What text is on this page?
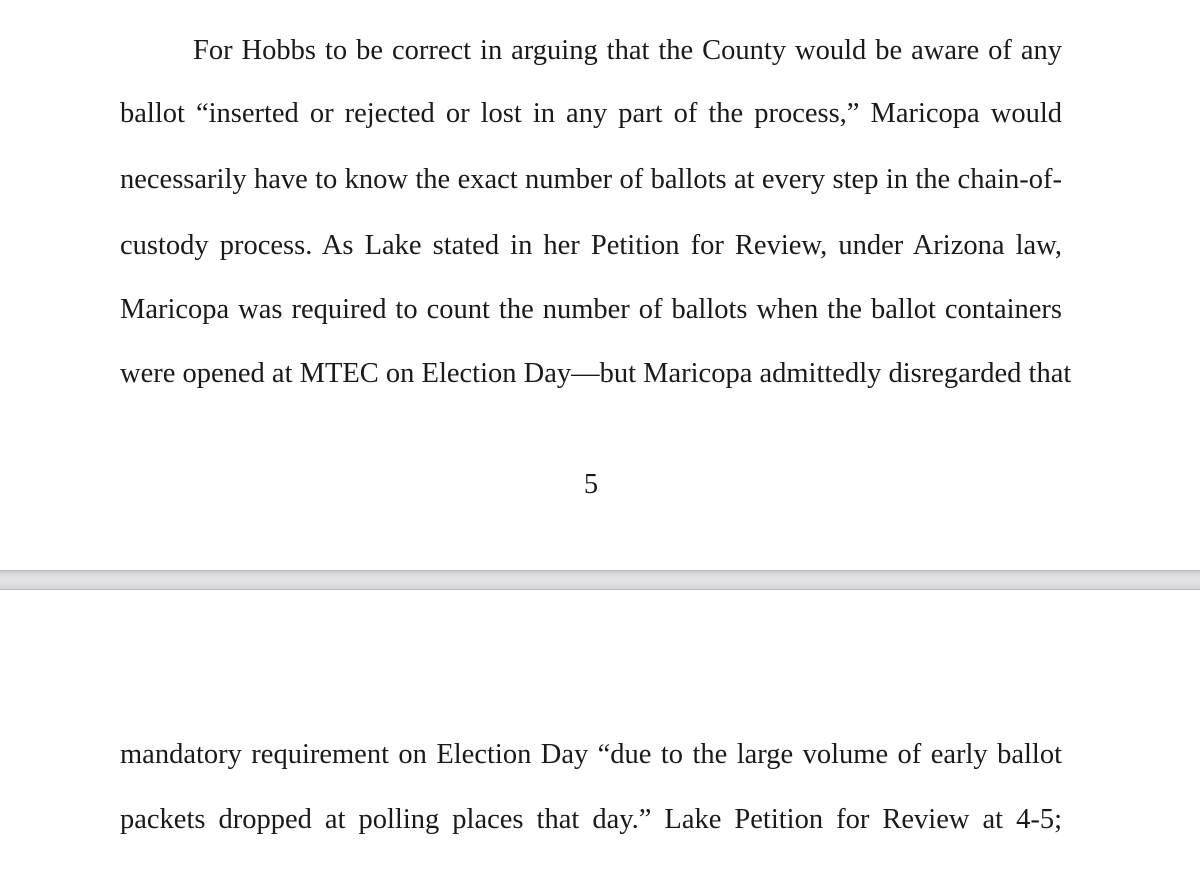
For Hobbs to be correct in arguing that the County would be aware of any
ballot “inserted or rejected or lost in any part of the process,” Maricopa would
necessarily have to know the exact number of ballots at every step in the chain-of-
custody process. As Lake stated in her Petition for Review, under Arizona law,
Maricopa was required to count the number of ballots when the ballot containers
were opened at MTEC on Election Day—but Maricopa admittedly disregarded that
5
mandatory requirement on Election Day “due to the large volume of early ballot
packets dropped at polling places that day.” Lake Petition for Review at 4-5;
